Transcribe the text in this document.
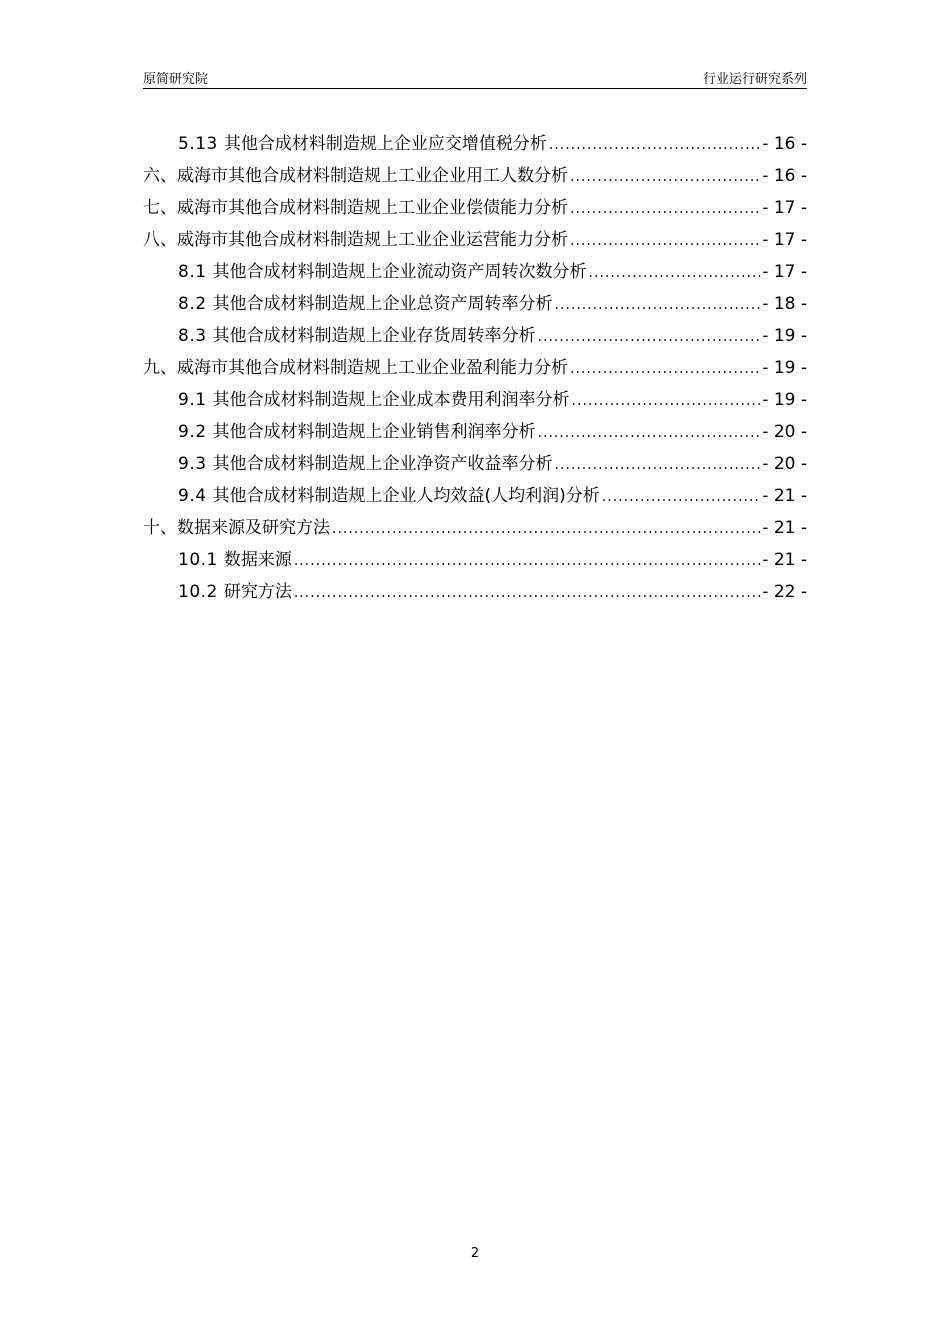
原简研究院	行业运行研究系列
5.13 其他合成材料制造规上企业应交增值税分析 .....	- 16 -
六、威海市其他合成材料制造规上工业企业用工人数分析 .....	- 16 -
七、威海市其他合成材料制造规上工业企业偿债能力分析 .....	- 17 -
八、威海市其他合成材料制造规上工业企业运营能力分析 .....	- 17 -
8.1 其他合成材料制造规上企业流动资产周转次数分析 .....	- 17 -
8.2 其他合成材料制造规上企业总资产周转率分析 .....	- 18 -
8.3 其他合成材料制造规上企业存货周转率分析 .....	- 19 -
九、威海市其他合成材料制造规上工业企业盈利能力分析 .....	- 19 -
9.1 其他合成材料制造规上企业成本费用利润率分析 .....	- 19 -
9.2 其他合成材料制造规上企业销售利润率分析 .....	- 20 -
9.3 其他合成材料制造规上企业净资产收益率分析 .....	- 20 -
9.4 其他合成材料制造规上企业人均效益(人均利润)分析 .....	- 21 -
十、数据来源及研究方法 .....	- 21 -
10.1 数据来源 .....	- 21 -
10.2 研究方法 .....	- 22 -
2
